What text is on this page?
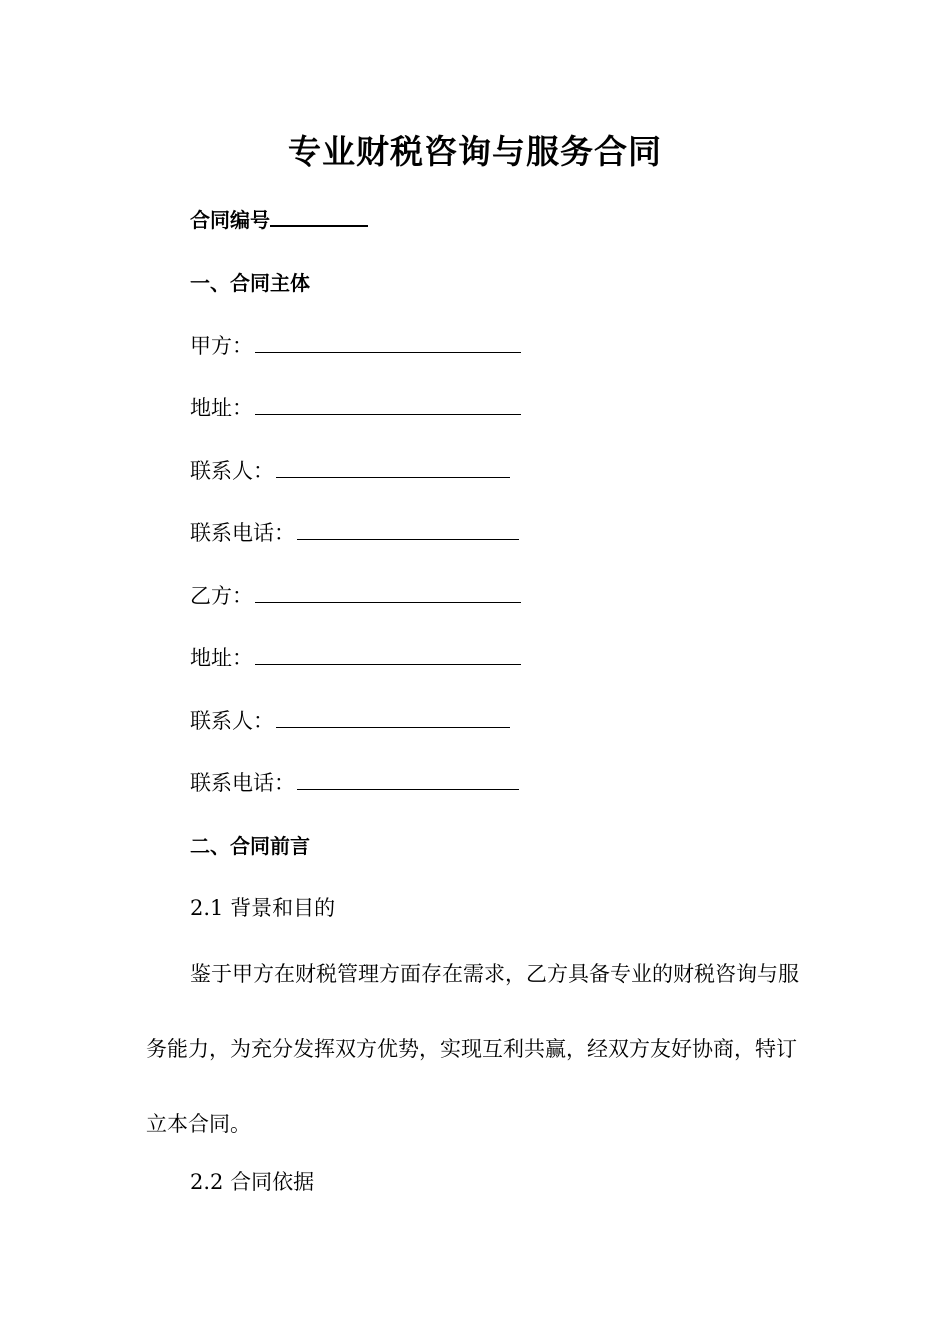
专业财税咨询与服务合同
合同编号
一、合同主体
甲方：
地址：
联系人：
联系电话：
乙方：
地址：
联系人：
联系电话：
二、合同前言
2.1 背景和目的

鉴于甲方在财税管理方面存在需求，乙方具备专业的财税咨询与服务能力，为充分发挥双方优势，实现互利共赢，经双方友好协商，特订立本合同。

2.2 合同依据
